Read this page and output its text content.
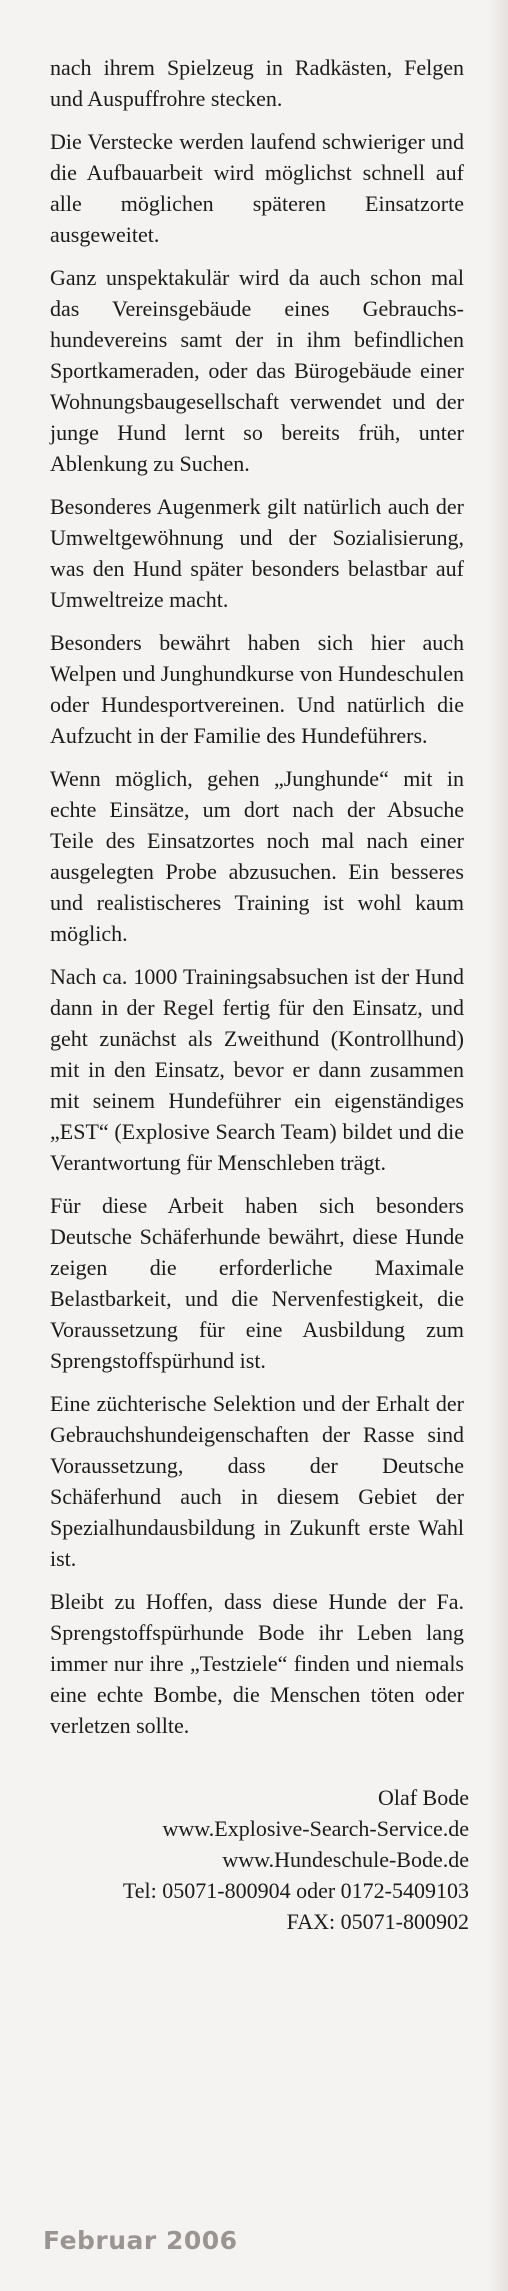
nach ihrem Spielzeug in Radkästen, Felgen und Auspuffrohre stecken.

Die Verstecke werden laufend schwieriger und die Aufbauarbeit wird möglichst schnell auf alle möglichen späteren Einsatzorte ausgeweitet.

Ganz unspektakulär wird da auch schon mal das Vereinsgebäude eines Gebrauchshundevereins samt der in ihm befindlichen Sportkameraden, oder das Bürogebäude einer Wohnungsbaugesellschaft verwendet und der junge Hund lernt so bereits früh, unter Ablenkung zu Suchen.

Besonderes Augenmerk gilt natürlich auch der Umweltgewöhnung und der Sozialisierung, was den Hund später besonders belastbar auf Umweltreize macht.

Besonders bewährt haben sich hier auch Welpen und Junghundkurse von Hundeschulen oder Hundesportvereinen. Und natürlich die Aufzucht in der Familie des Hundeführers.

Wenn möglich, gehen „Junghunde“ mit in echte Einsätze, um dort nach der Absuche Teile des Einsatzortes noch mal nach einer ausgelegten Probe abzusuchen. Ein besseres und realistischeres Training ist wohl kaum möglich.

Nach ca. 1000 Trainingsabsuchen ist der Hund dann in der Regel fertig für den Einsatz, und geht zunächst als Zweithund (Kontrollhund) mit in den Einsatz, bevor er dann zusammen mit seinem Hundeführer ein eigenständiges „EST“ (Explosive Search Team) bildet und die Verantwortung für Menschleben trägt.

Für diese Arbeit haben sich besonders Deutsche Schäferhunde bewährt, diese Hunde zeigen die erforderliche Maximale Belastbarkeit, und die Nervenfestigkeit, die Voraussetzung für eine Ausbildung zum Sprengstoffspürhund ist.

Eine züchterische Selektion und der Erhalt der Gebrauchshundeigenschaften der Rasse sind Voraussetzung, dass der Deutsche Schäferhund auch in diesem Gebiet der Spezialhundausbildung in Zukunft erste Wahl ist.

Bleibt zu Hoffen, dass diese Hunde der Fa. Sprengstoffspürhunde Bode ihr Leben lang immer nur ihre „Testziele“ finden und niemals eine echte Bombe, die Menschen töten oder verletzen sollte.

Olaf Bode
www.Explosive-Search-Service.de
www.Hundeschule-Bode.de
Tel: 05071-800904 oder 0172-5409103
FAX: 05071-800902
Februar 2006
